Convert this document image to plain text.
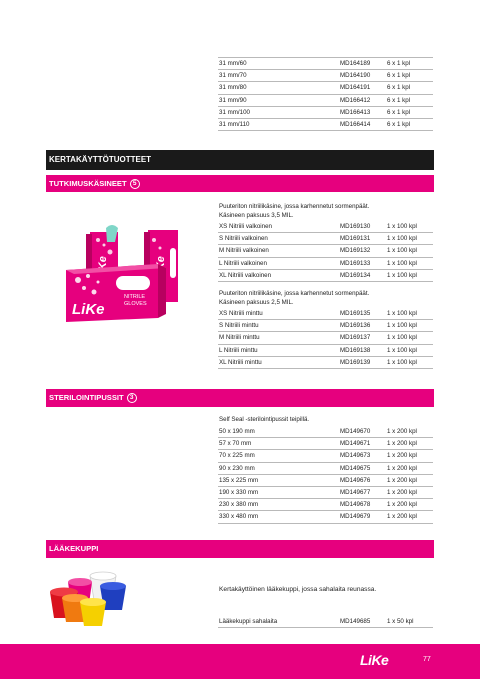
31 mm/60	MD164189	6 x 1 kpl
31 mm/70	MD164190	6 x 1 kpl
31 mm/80	MD164191	6 x 1 kpl
31 mm/90	MD166412	6 x 1 kpl
31 mm/100	MD166413	6 x 1 kpl
31 mm/110	MD166414	6 x 1 kpl
KERTAKÄYTTÖTUOTTEET
TUTKIMUSKÄSINEET 5
LiKe
NITRILE
GLOVES
Puuteriton nitriilikäsine, jossa karhennetut sormenpäät.
Käsineen paksuus 3,5 MIL.
XS Nitriili valkoinen	MD169130	1 x 100 kpl
S Nitriili valkoinen	MD169131	1 x 100 kpl
M Nitriili valkoinen	MD169132	1 x 100 kpl
L Nitriili valkoinen	MD169133	1 x 100 kpl
XL Nitriili valkoinen	MD169134	1 x 100 kpl
Puuteriton nitriilikäsine, jossa karhennetut sormenpäät.
Käsineen paksuus 2,5 MIL.
XS Nitriili minttu	MD169135	1 x 100 kpl
S Nitriili minttu	MD169136	1 x 100 kpl
M Nitriili minttu	MD169137	1 x 100 kpl
L Nitriili minttu	MD169138	1 x 100 kpl
XL Nitriili minttu	MD169139	1 x 100 kpl
STERILOINTIPUSSIT 3
Self Seal -sterilointipussit teipillä.
50 x 190 mm	MD149670	1 x 200 kpl
57 x 70 mm	MD149671	1 x 200 kpl
70 x 225 mm	MD149673	1 x 200 kpl
90 x 230 mm	MD149675	1 x 200 kpl
135 x 225 mm	MD149676	1 x 200 kpl
190 x 330 mm	MD149677	1 x 200 kpl
230 x 380 mm	MD149678	1 x 200 kpl
330 x 480 mm	MD149679	1 x 200 kpl
LÄÄKEKUPPI
Kertakäyttöinen lääkekuppi, jossa sahalaita reunassa.
Lääkekuppi sahalaita	MD149685	1 x 50 kpl
LiKe	77
